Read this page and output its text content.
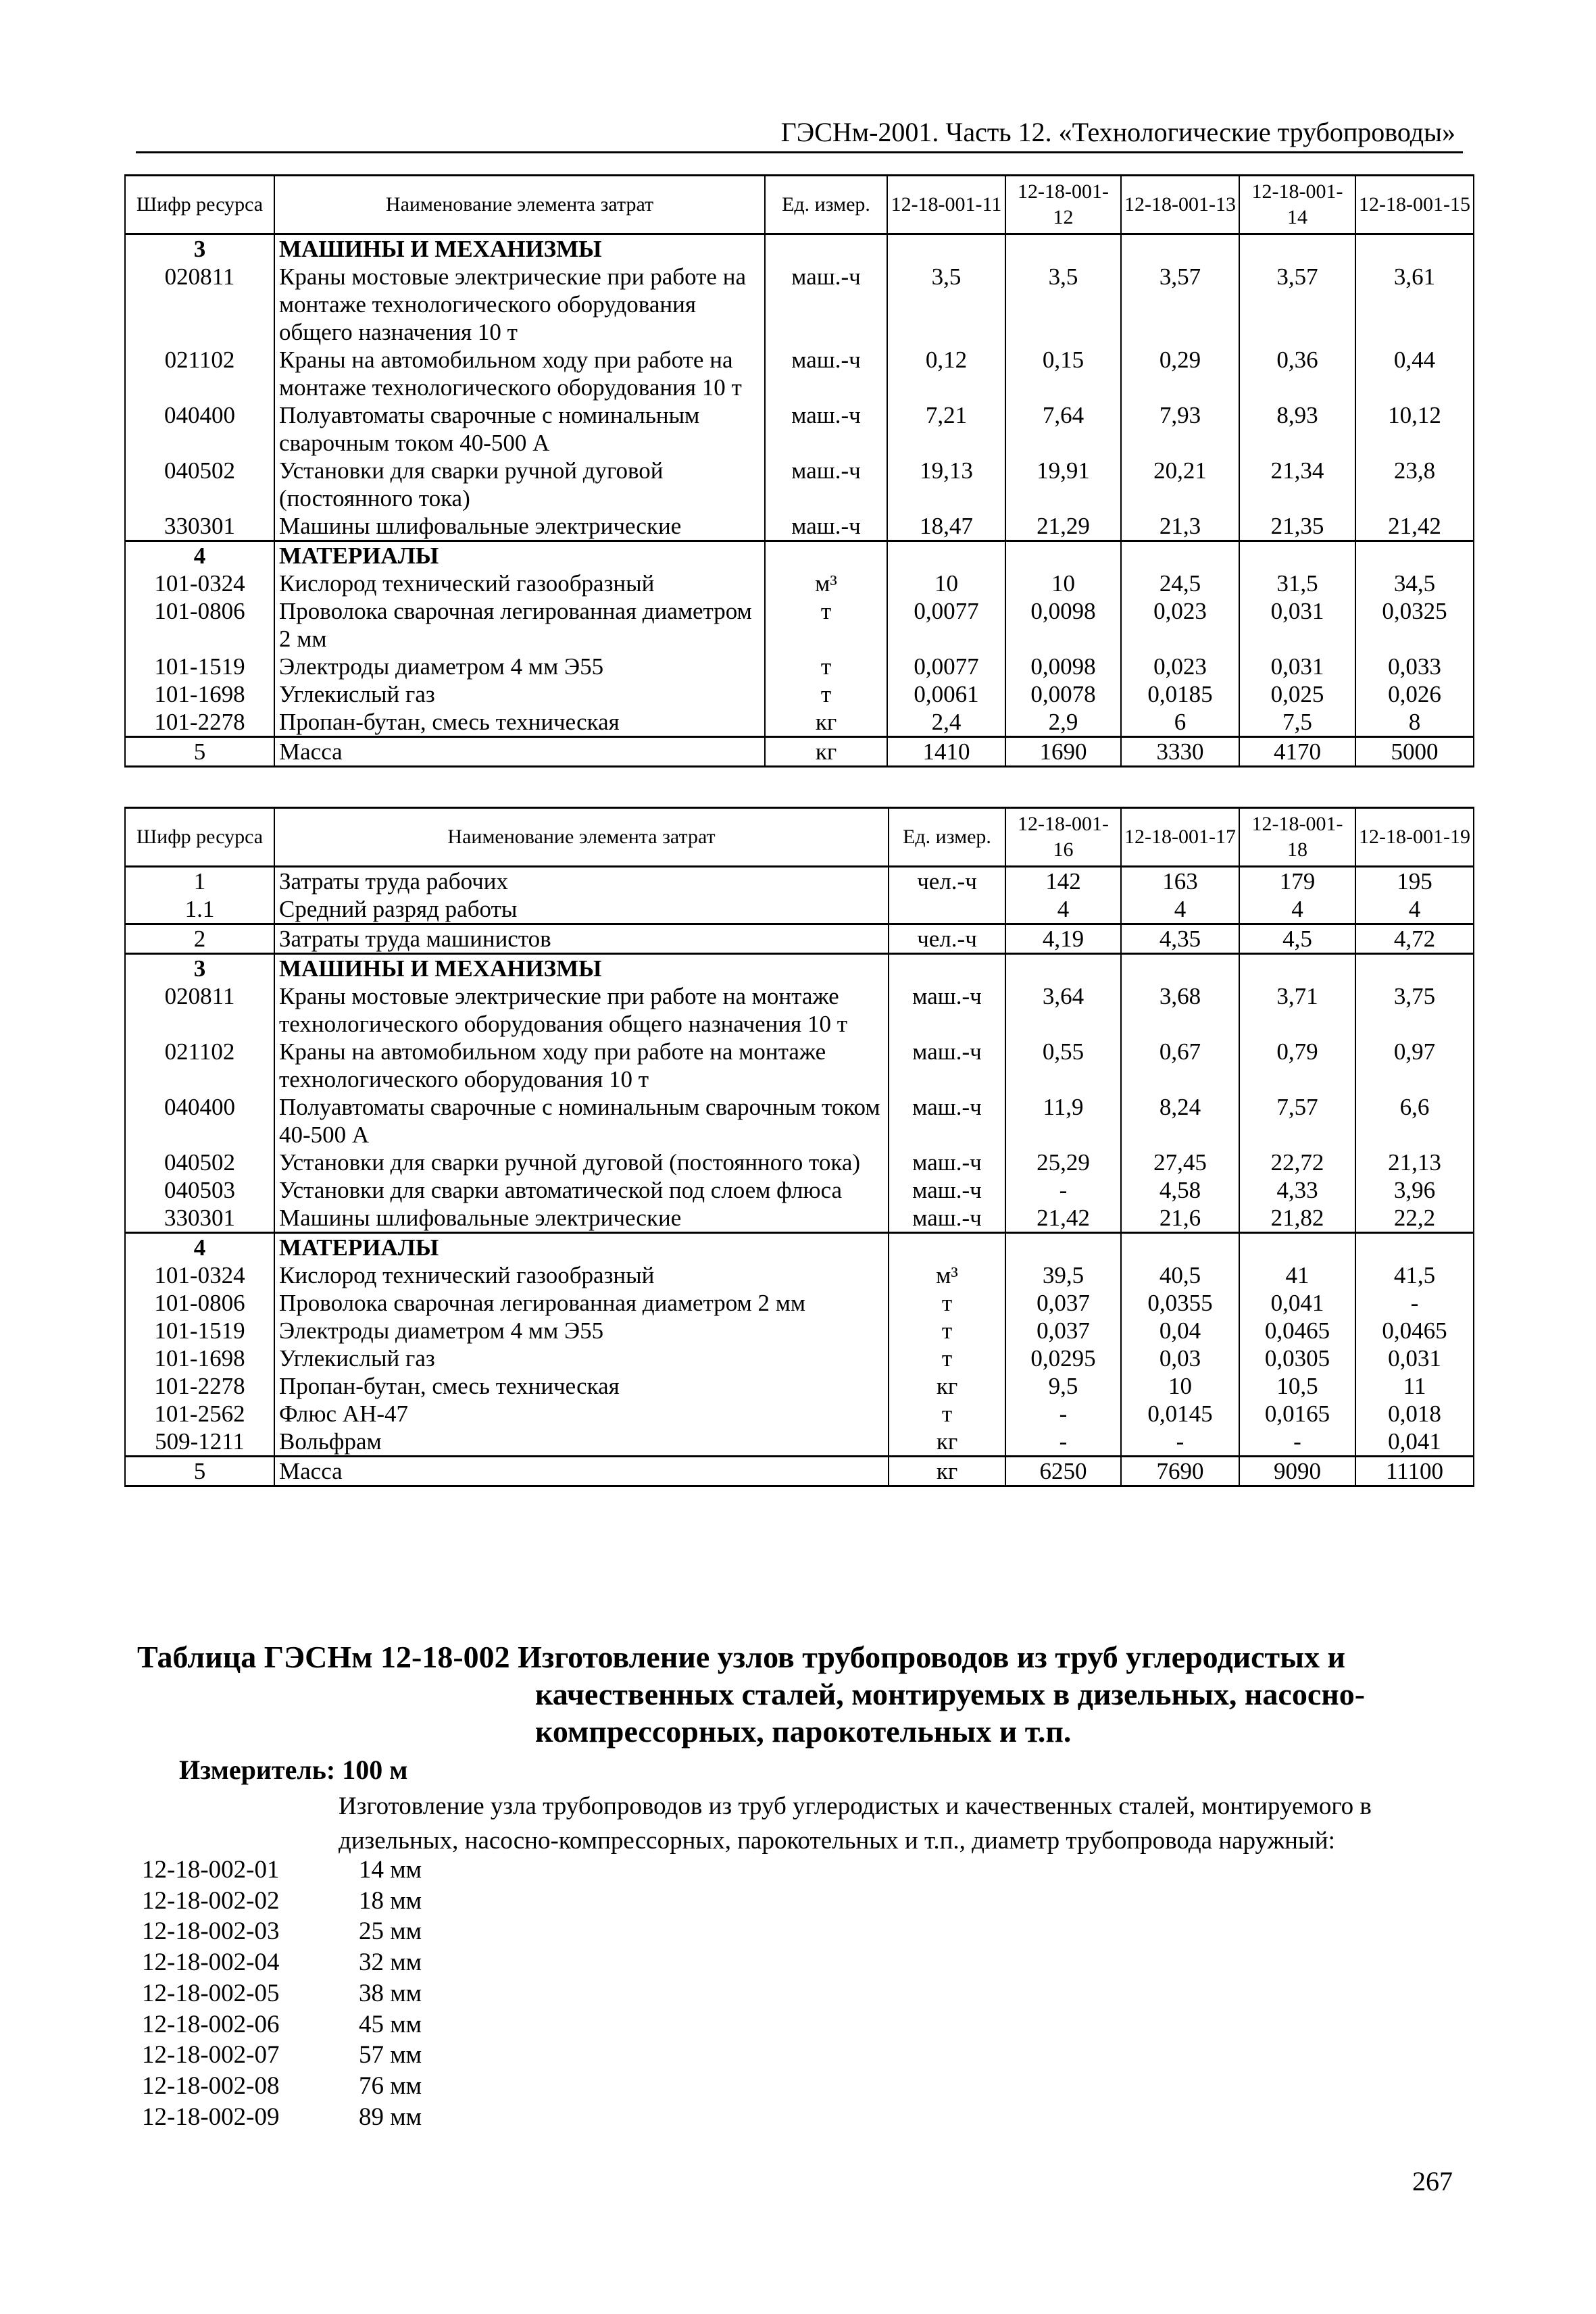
ГЭСНм-2001. Часть 12. «Технологические трубопроводы»
Шифр ресурса	Наименование элемента затрат	Ед. измер.	12-18-001-11	12-18-001-12	12-18-001-13	12-18-001-14	12-18-001-15
3	МАШИНЫ И МЕХАНИЗМЫ						
020811	Краны мостовые электрические при работе на монтаже технологического оборудования общего назначения 10 т	маш.-ч	3,5	3,5	3,57	3,57	3,61
021102	Краны на автомобильном ходу при работе на монтаже технологического оборудования 10 т	маш.-ч	0,12	0,15	0,29	0,36	0,44
040400	Полуавтоматы сварочные с номинальным сварочным током 40-500 А	маш.-ч	7,21	7,64	7,93	8,93	10,12
040502	Установки для сварки ручной дуговой (постоянного тока)	маш.-ч	19,13	19,91	20,21	21,34	23,8
330301	Машины шлифовальные электрические	маш.-ч	18,47	21,29	21,3	21,35	21,42
4	МАТЕРИАЛЫ						
101-0324	Кислород технический газообразный	м³	10	10	24,5	31,5	34,5
101-0806	Проволока сварочная легированная диаметром 2 мм	т	0,0077	0,0098	0,023	0,031	0,0325
101-1519	Электроды диаметром 4 мм Э55	т	0,0077	0,0098	0,023	0,031	0,033
101-1698	Углекислый газ	т	0,0061	0,0078	0,0185	0,025	0,026
101-2278	Пропан-бутан, смесь техническая	кг	2,4	2,9	6	7,5	8
5	Масса	кг	1410	1690	3330	4170	5000
Шифр ресурса	Наименование элемента затрат	Ед. измер.	12-18-001-16	12-18-001-17	12-18-001-18	12-18-001-19
1	Затраты труда рабочих	чел.-ч	142	163	179	195
1.1	Средний разряд работы		4	4	4	4
2	Затраты труда машинистов	чел.-ч	4,19	4,35	4,5	4,72
3	МАШИНЫ И МЕХАНИЗМЫ					
020811	Краны мостовые электрические при работе на монтаже технологического оборудования общего назначения 10 т	маш.-ч	3,64	3,68	3,71	3,75
021102	Краны на автомобильном ходу при работе на монтаже технологического оборудования 10 т	маш.-ч	0,55	0,67	0,79	0,97
040400	Полуавтоматы сварочные с номинальным сварочным током 40-500 А	маш.-ч	11,9	8,24	7,57	6,6
040502	Установки для сварки ручной дуговой (постоянного тока)	маш.-ч	25,29	27,45	22,72	21,13
040503	Установки для сварки автоматической под слоем флюса	маш.-ч	-	4,58	4,33	3,96
330301	Машины шлифовальные электрические	маш.-ч	21,42	21,6	21,82	22,2
4	МАТЕРИАЛЫ					
101-0324	Кислород технический газообразный	м³	39,5	40,5	41	41,5
101-0806	Проволока сварочная легированная диаметром 2 мм	т	0,037	0,0355	0,041	-
101-1519	Электроды диаметром 4 мм Э55	т	0,037	0,04	0,0465	0,0465
101-1698	Углекислый газ	т	0,0295	0,03	0,0305	0,031
101-2278	Пропан-бутан, смесь техническая	кг	9,5	10	10,5	11
101-2562	Флюс АН-47	т	-	0,0145	0,0165	0,018
509-1211	Вольфрам	кг	-	-	-	0,041
5	Масса	кг	6250	7690	9090	11100
Таблица ГЭСНм 12-18-002 Изготовление узлов трубопроводов из труб углеродистых и
качественных сталей, монтируемых в дизельных, насосно-
компрессорных, парокотельных и т.п.
Измеритель: 100 м
Изготовление узла трубопроводов из труб углеродистых и качественных сталей, монтируемого в дизельных, насосно-компрессорных, парокотельных и т.п., диаметр трубопровода наружный:
12-18-002-01	14 мм
12-18-002-02	18 мм
12-18-002-03	25 мм
12-18-002-04	32 мм
12-18-002-05	38 мм
12-18-002-06	45 мм
12-18-002-07	57 мм
12-18-002-08	76 мм
12-18-002-09	89 мм
267
